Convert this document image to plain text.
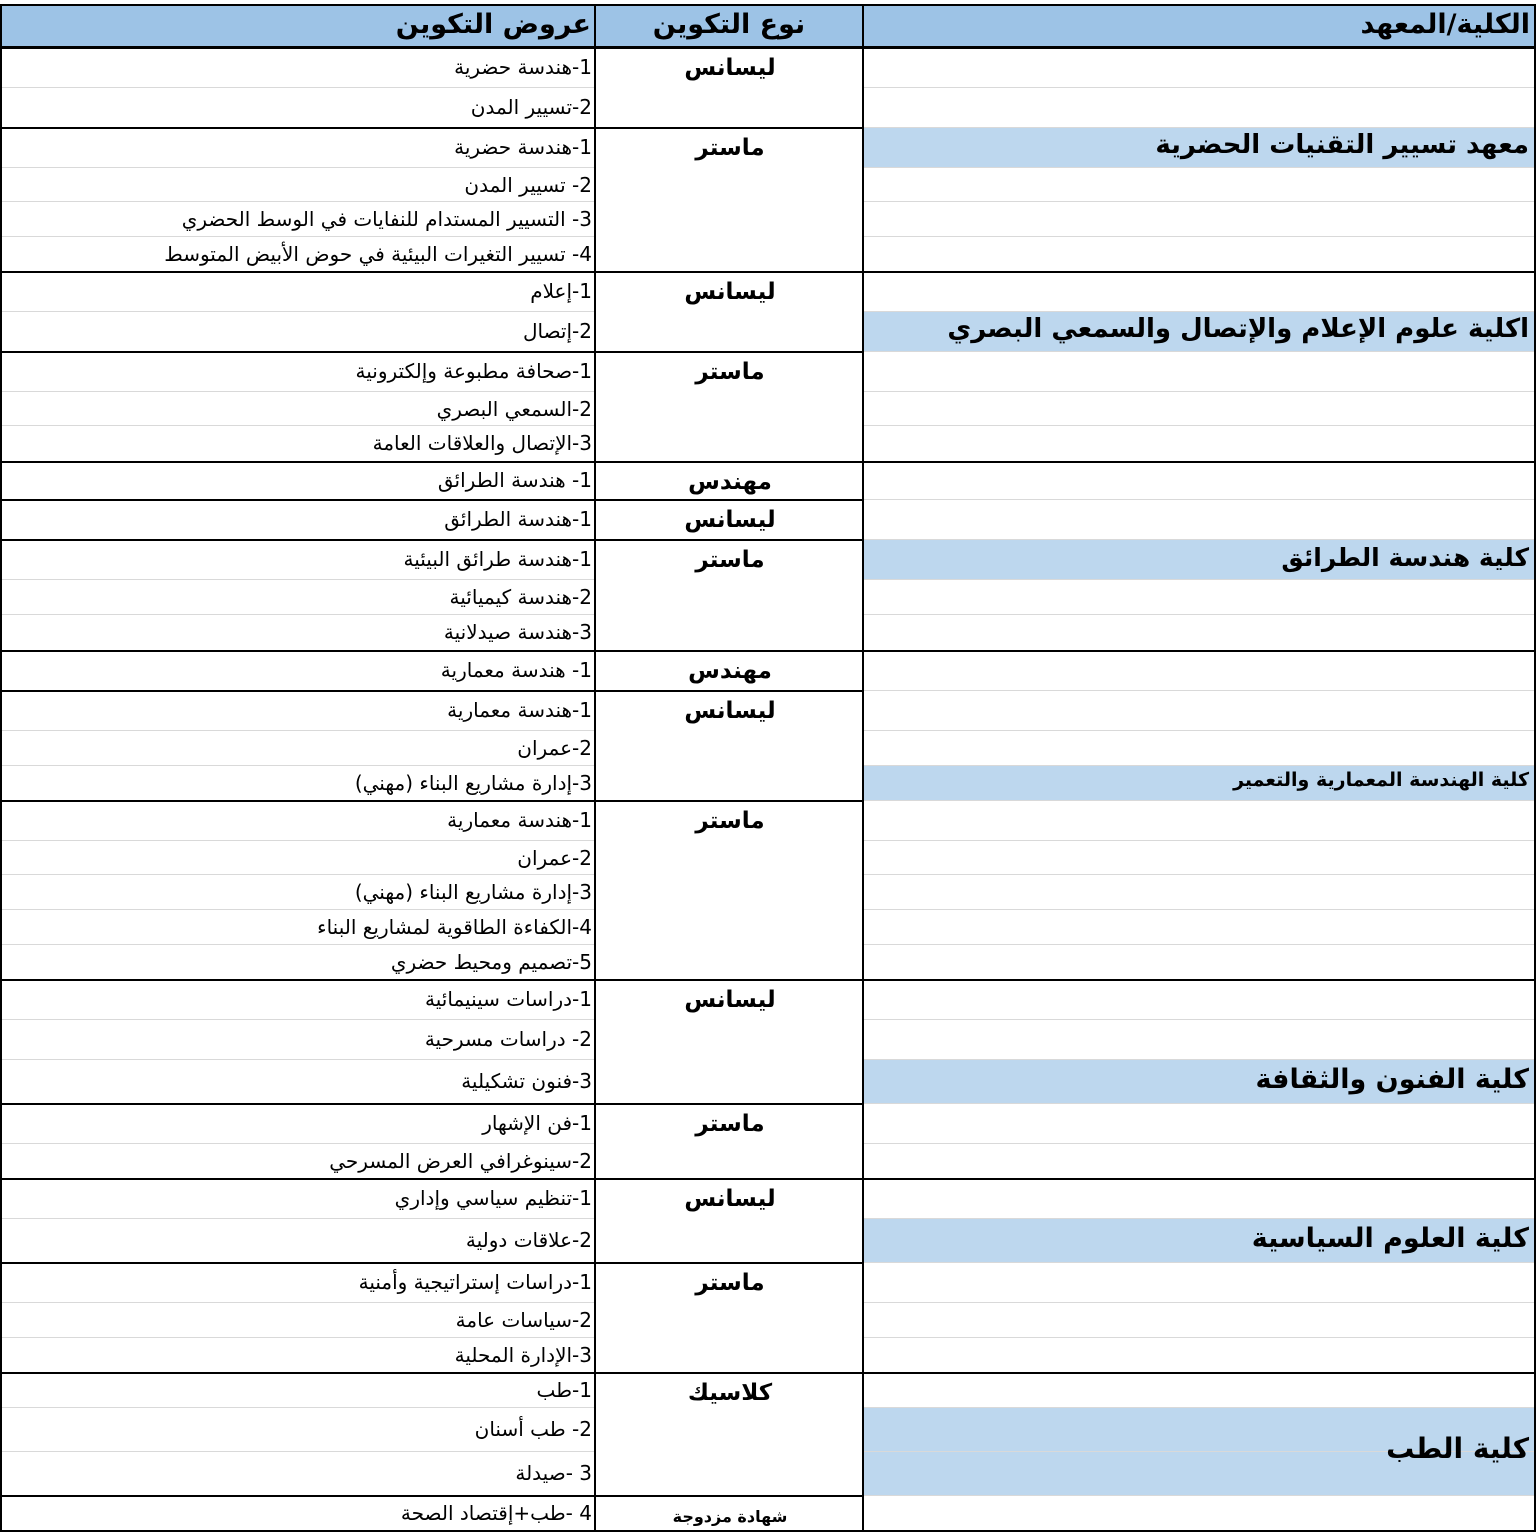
الكلية/المعهد
نوع التكوين
عروض التكوين
ليسانس
1-هندسة حضرية
2-تسيير المدن
ماستر
1-هندسة حضرية
2- تسيير المدن
3- التسيير المستدام للنفايات في الوسط الحضري
4- تسيير التغيرات البيئية في حوض الأبيض المتوسط
معهد تسيير التقنيات الحضرية
ليسانس
1-إعلام
2-إتصال
ماستر
1-صحافة مطبوعة وإلكترونية
2-السمعي البصري
3-الإتصال والعلاقات العامة
اكلية علوم الإعلام والإتصال والسمعي البصري
مهندس
1- هندسة الطرائق
ليسانس
1-هندسة الطرائق
ماستر
1-هندسة طرائق البيئية
2-هندسة كيميائية
3-هندسة صيدلانية
كلية هندسة الطرائق
مهندس
1- هندسة معمارية
ليسانس
1-هندسة معمارية
2-عمران
3-إدارة مشاريع البناء (مهني)
ماستر
1-هندسة معمارية
2-عمران
3-إدارة مشاريع البناء (مهني)
4-الكفاءة الطاقوية لمشاريع البناء
5-تصميم ومحيط حضري
كلية الهندسة المعمارية والتعمير
ليسانس
1-دراسات سينيمائية
2- دراسات مسرحية
3-فنون تشكيلية
ماستر
1-فن الإشهار
2-سينوغرافي العرض المسرحي
كلية الفنون والثقافة
ليسانس
1-تنظيم سياسي وإداري
2-علاقات دولية
ماستر
1-دراسات إستراتيجية وأمنية
2-سياسات عامة
3-الإدارة المحلية
كلية العلوم السياسية
كلاسيك
1-طب
2- طب أسنان
3 -صيدلة
شهادة مزدوجة
4 -طب+إقتصاد الصحة
كلية الطب
